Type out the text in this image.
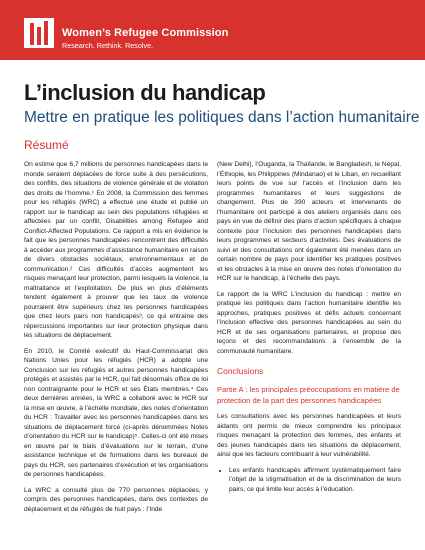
Women’s Refugee Commission
Research. Rethink. Resolve.
L’inclusion du handicap
Mettre en pratique les politiques dans l’action humanitaire
Résumé

On estime que 6,7 millions de personnes handicapées dans le monde seraient déplacées de force suite à des persécutions, des conflits, des situations de violence générale et de violation des droits de l’homme.¹ En 2008, la Commission des femmes pour les réfugiés (WRC) a effectué une étude et publié un rapport sur le handicap au sein des populations réfugiées et affectées par un conflit, Disabilities among Refugee and Conflict-Affected Populations. Ce rapport a mis en évidence le fait que les personnes handicapées rencontrent des difficultés à accéder aux programmes d’assistance humanitaire en raison de divers obstacles sociétaux, environnementaux et de communication.² Ces difficultés d’accès augmentent les risques menaçant leur protection, parmi lesquels la violence, la maltraitance et l’exploitation. De plus en plus d’éléments tendent également à prouver que les taux de violence pourraient être supérieurs chez les personnes handicapées que chez leurs pairs non handicapés³, ce qui entraîne des répercussions importantes sur leur protection physique dans les situations de déplacement.

En 2010, le Comité exécutif du Haut-Commissariat des Nations Unies pour les réfugiés (HCR) a adopté une Conclusion sur les réfugiés et autres personnes handicapées protégés et assistés par le HCR, qui fait désormais office de loi non contraignante pour le HCR et ses États membres.⁴ Ces deux dernières années, la WRC a collaboré avec le HCR sur la mise en œuvre, à l’échelle mondiale, des notes d’orientation du HCR : Travailler avec les personnes handicapées dans les situations de déplacement forcé (ci-après dénommées Notes d’orientation du HCR sur le handicap)⁵. Celles-ci ont été mises en œuvre par le biais d’évaluations sur le terrain, d’une assistance technique et de formations dans les bureaux de pays du HCR, ses partenaires d’exécution et les organisations de personnes handicapées.

La WRC a consulté plus de 770 personnes déplacées, y compris des personnes handicapées, dans des contextes de déplacement et de réfugiés de huit pays : l’Inde

(New Delhi), l’Ouganda, la Thaïlande, le Bangladesh, le Népal, l’Éthiopie, les Philippines (Mindanao) et le Liban, en recueillant leurs points de vue sur l’accès et l’inclusion dans les programmes humanitaires et leurs suggestions de changement. Plus de 390 acteurs et intervenants de l’humanitaire ont participé à des ateliers organisés dans ces pays en vue de définir des plans d’action spécifiques à chaque contexte pour l’inclusion des personnes handicapées dans leurs programmes et secteurs d’activités. Des évaluations de suivi et des consultations ont également été menées dans un certain nombre de pays pour identifier les pratiques positives et les obstacles à la mise en œuvre des notes d’orientation du HCR sur le handicap, à l’échelle des pays.

Le rapport de la WRC L’inclusion du handicap : mettre en pratique les politiques dans l’action humanitaire identifie les approches, pratiques positives et défis actuels concernant l’inclusion effective des personnes handicapées au sein du HCR et de ses organisations partenaires, et propose des leçons et des recommandations à l’ensemble de la communauté humanitaire.

Conclusions
Partie A : les principales préoccupations en matière de protection de la part des personnes handicapées

Les consultations avec les personnes handicapées et leurs aidants ont permis de mieux comprendre les principaux risques menaçant la protection des femmes, des enfants et des jeunes handicapés dans les situations de déplacement, ainsi que les facteurs contribuant à leur vulnérabilité.

• Les enfants handicapés affirment systématiquement faire l’objet de la stigmatisation et de la discrimination de leurs pairs, ce qui limite leur accès à l’éducation.
